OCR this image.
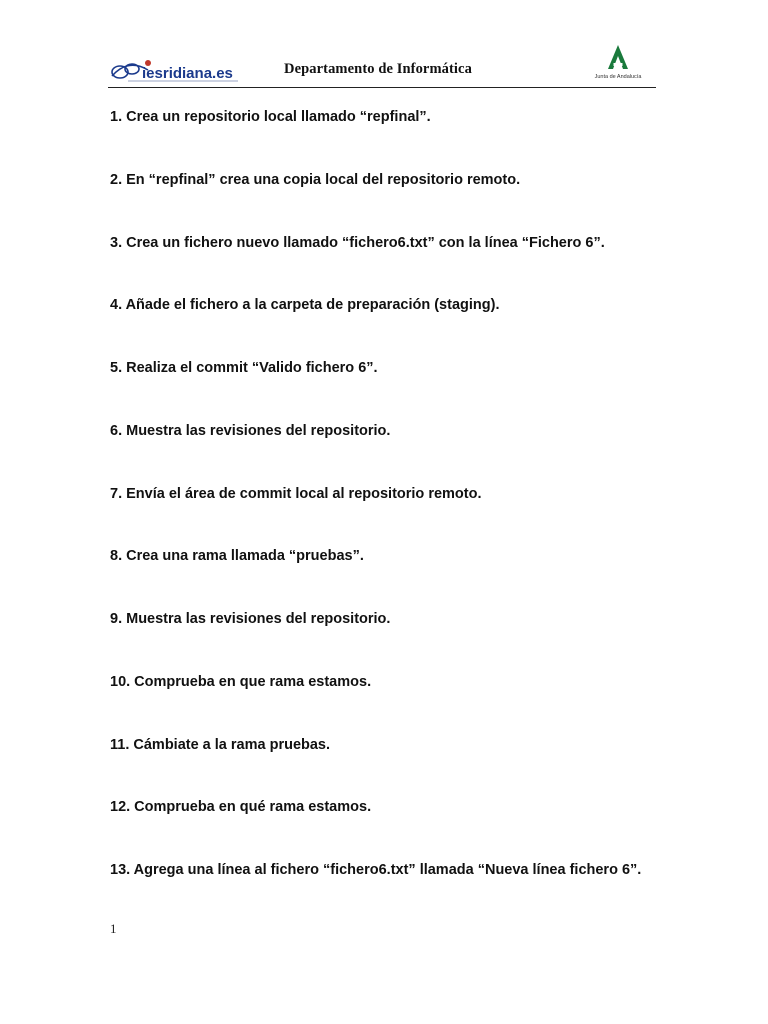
iesridiana.es	Departamento de Informática	Junta de Andalucía
1. Crea un repositorio local llamado “repfinal”.
2. En “repfinal” crea una copia local del repositorio remoto.
3. Crea un fichero nuevo llamado “fichero6.txt” con la línea “Fichero 6”.
4. Añade el fichero a la carpeta de preparación (staging).
5. Realiza el commit “Valido fichero 6”.
6. Muestra las revisiones del repositorio.
7. Envía el área de commit local al repositorio remoto.
8. Crea una rama llamada “pruebas”.
9. Muestra las revisiones del repositorio.
10. Comprueba en que rama estamos.
11. Cámbiate a la rama pruebas.
12. Comprueba en qué rama estamos.
13. Agrega una línea al fichero “fichero6.txt” llamada “Nueva línea fichero 6”.
1
